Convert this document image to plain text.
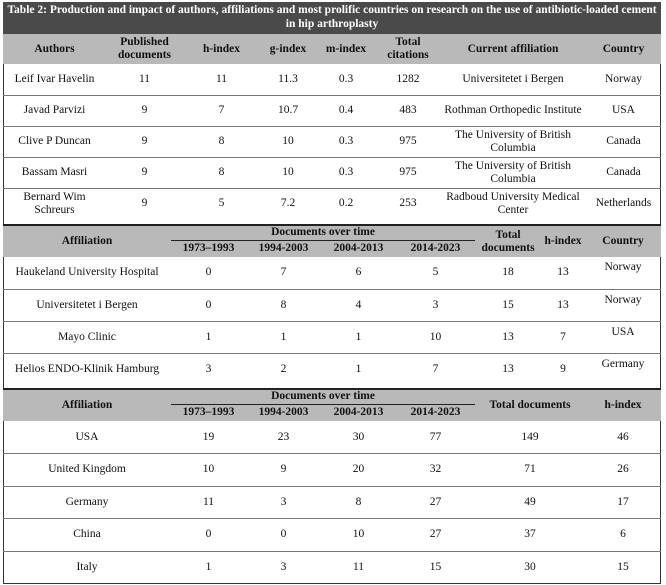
Table 2: Production and impact of authors, affiliations and most prolific countries on research on the use of antibiotic-loaded cement in hip arthroplasty
Authors	Published documents	h-index	g-index	m-index	Total citations	Current affiliation	Country
Leif Ivar Havelin	11	11	11.3	0.3	1282	Universitetet i Bergen	Norway
Javad Parvizi	9	7	10.7	0.4	483	Rothman Orthopedic Institute	USA
Clive P Duncan	9	8	10	0.3	975	The University of British Columbia	Canada
Bassam Masri	9	8	10	0.3	975	The University of British Columbia	Canada
Bernard Wim Schreurs	9	5	7.2	0.2	253	Radboud University Medical Center	Netherlands
Affiliation	Documents over time				Total documents	h-index	Country
	1973–1993	1994-2003	2004-2013	2014-2023			
Haukeland University Hospital	0	7	6	5	18	13	Norway
Universitetet i Bergen	0	8	4	3	15	13	Norway
Mayo Clinic	1	1	1	10	13	7	USA
Helios ENDO-Klinik Hamburg	3	2	1	7	13	9	Germany
Affiliation	Documents over time				Total documents	h-index
	1973–1993	1994-2003	2004-2013	2014-2023		
USA	19	23	30	77	149	46
United Kingdom	10	9	20	32	71	26
Germany	11	3	8	27	49	17
China	0	0	10	27	37	6
Italy	1	3	11	15	30	15
